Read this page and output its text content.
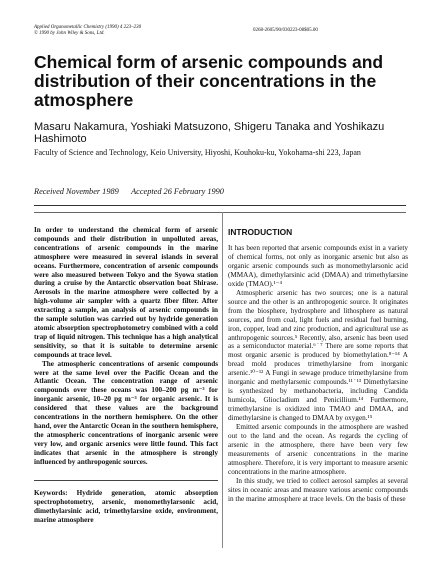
Applied Organometallic Chemistry (1990) 4 223–230
© 1990 by John Wiley & Sons, Ltd.
0268-2605/90/030223-08$05.00
Chemical form of arsenic compounds and distribution of their concentrations in the atmosphere
Masaru Nakamura, Yoshiaki Matsuzono, Shigeru Tanaka and Yoshikazu Hashimoto
Faculty of Science and Technology, Keio University, Hiyoshi, Kouhoku-ku, Yokohama-shi 223, Japan
Received November 1989 Accepted 26 February 1990

In order to understand the chemical form of arsenic compounds and their distribution in unpolluted areas, concentrations of arsenic compounds in the marine atmosphere were measured in several islands in several oceans. Furthermore, concentration of arsenic compounds were also measured between Tokyo and the Syowa station during a cruise by the Antarctic observation boat Shirase. Aerosols in the marine atmosphere were collected by a high-volume air sampler with a quartz fiber filter. After extracting a sample, an analysis of arsenic compounds in the sample solution was carried out by hydride generation atomic absorption spectrophotometry combined with a cold trap of liquid nitrogen. This technique has a high analytical sensitivity, so that it is suitable to determine arsenic compounds at trace level.

The atmospheric concentrations of arsenic compounds were at the same level over the Pacific Ocean and the Atlantic Ocean. The concentration range of arsenic compounds over these oceans was 100–200 pg m⁻³ for inorganic arsenic, 10–20 pg m⁻³ for organic arsenic. It is considered that these values are the background concentrations in the northern hemisphere. On the other hand, over the Antarctic Ocean in the southern hemisphere, the atmospheric concentrations of inorganic arsenic were very low, and organic arsenics were little found. This fact indicates that arsenic in the atmosphere is strongly influenced by anthropogenic sources.

Keywords: Hydride generation, atomic absorption spectrophotometry, arsenic, monomethylarsonic acid, dimethylarsinic acid, trimethylarsine oxide, environment, marine atmosphere
INTRODUCTION

It has been reported that arsenic compounds exist in a variety of chemical forms, not only as inorganic arsenic but also as organic arsenic compounds such as monomethylarsonic acid (MMAA), dimethylarsinic acid (DMAA) and trimethylarsine oxide (TMAO).¹⁻⁴

Atmospheric arsenic has two sources; one is a natural source and the other is an anthropogenic source. It originates from the biosphere, hydrosphere and lithosphere as natural sources, and from coal, light fuels and residual fuel burning, iron, copper, lead and zinc production, and agricultural use as anthropogenic sources.⁵ Recently, also, arsenic has been used as a semiconductor material.⁶˙⁷ There are some reports that most organic arsenic is produced by biomethylation.⁸⁻¹⁴ A bread mold produces trimethylarsine from inorganic arsenic.¹⁰⁻¹² A Fungi in sewage produce trimethylarsine from inorganic and methylarsenic compounds.¹¹˙¹³ Dimethylarsine is synthesized by methanobacteria, including Candida humicola, Gliocladium and Penicillium.¹⁴ Furthermore, trimethylarsine is oxidized into TMAO and DMAA, and dimethylarsine is changed to DMAA by oxygen.¹⁵

Emitted arsenic compounds in the atmosphere are washed out to the land and the ocean. As regards the cycling of arsenic in the atmosphere, there have been very few measurements of arsenic concentrations in the marine atmosphere. Therefore, it is very important to measure arsenic concentrations in the marine atmosphere.

In this study, we tried to collect aerosol samples at several sites in oceanic areas and measure various arsenic compounds in the marine atmosphere at trace levels. On the basis of these
